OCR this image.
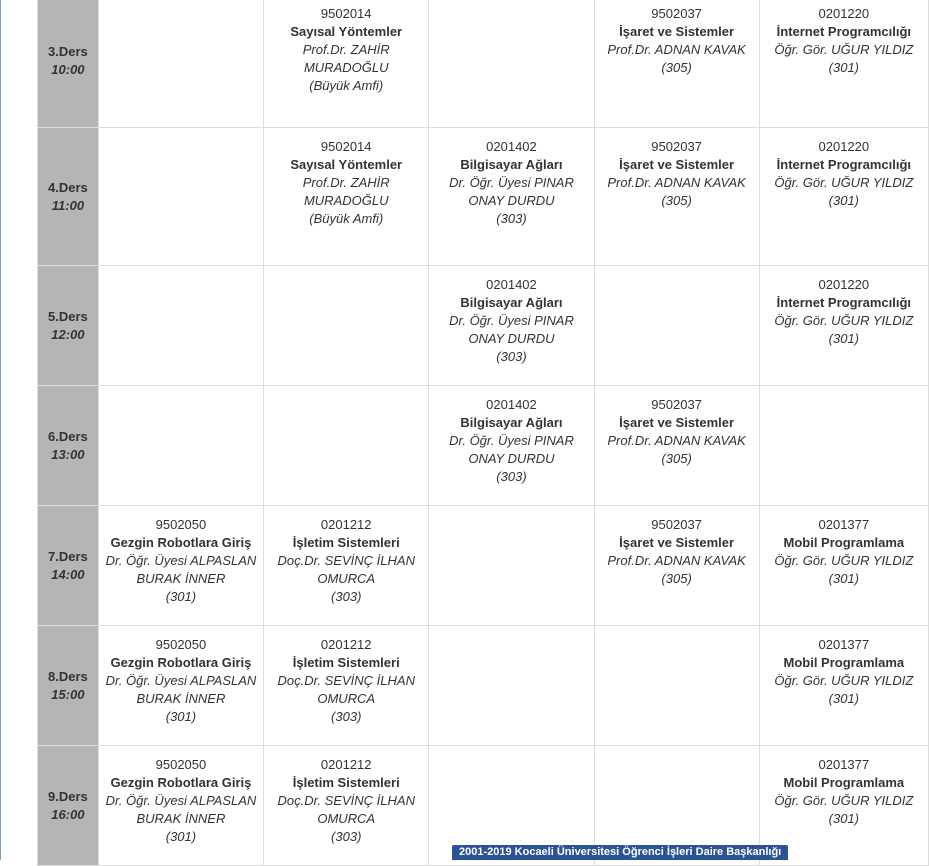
3.Ders
10:00		9502014
Sayısal Yöntemler
Prof.Dr. ZAHİR MURADOĞLU
(Büyük Amfi)		9502037
İşaret ve Sistemler
Prof.Dr. ADNAN KAVAK
(305)	0201220
İnternet Programcılığı
Öğr. Gör. UĞUR YILDIZ
(301)

4.Ders
11:00		9502014
Sayısal Yöntemler
Prof.Dr. ZAHİR MURADOĞLU
(Büyük Amfi)	0201402
Bilgisayar Ağları
Dr. Öğr. Üyesi PINAR ONAY DURDU
(303)	9502037
İşaret ve Sistemler
Prof.Dr. ADNAN KAVAK
(305)	0201220
İnternet Programcılığı
Öğr. Gör. UĞUR YILDIZ
(301)

5.Ders
12:00			0201402
Bilgisayar Ağları
Dr. Öğr. Üyesi PINAR ONAY DURDU
(303)		0201220
İnternet Programcılığı
Öğr. Gör. UĞUR YILDIZ
(301)

6.Ders
13:00			0201402
Bilgisayar Ağları
Dr. Öğr. Üyesi PINAR ONAY DURDU
(303)	9502037
İşaret ve Sistemler
Prof.Dr. ADNAN KAVAK
(305)	

7.Ders
14:00	9502050
Gezgin Robotlara Giriş
Dr. Öğr. Üyesi ALPASLAN BURAK İNNER
(301)	0201212
İşletim Sistemleri
Doç.Dr. SEVİNÇ İLHAN OMURCA
(303)		9502037
İşaret ve Sistemler
Prof.Dr. ADNAN KAVAK
(305)	0201377
Mobil Programlama
Öğr. Gör. UĞUR YILDIZ
(301)

8.Ders
15:00	9502050
Gezgin Robotlara Giriş
Dr. Öğr. Üyesi ALPASLAN BURAK İNNER
(301)	0201212
İşletim Sistemleri
Doç.Dr. SEVİNÇ İLHAN OMURCA
(303)			0201377
Mobil Programlama
Öğr. Gör. UĞUR YILDIZ
(301)

9.Ders
16:00	9502050
Gezgin Robotlara Giriş
Dr. Öğr. Üyesi ALPASLAN BURAK İNNER
(301)	0201212
İşletim Sistemleri
Doç.Dr. SEVİNÇ İLHAN OMURCA
(303)			0201377
Mobil Programlama
Öğr. Gör. UĞUR YILDIZ
(301)
2001-2019 Kocaeli Üniversitesi Öğrenci İşleri Daire Başkanlığı
